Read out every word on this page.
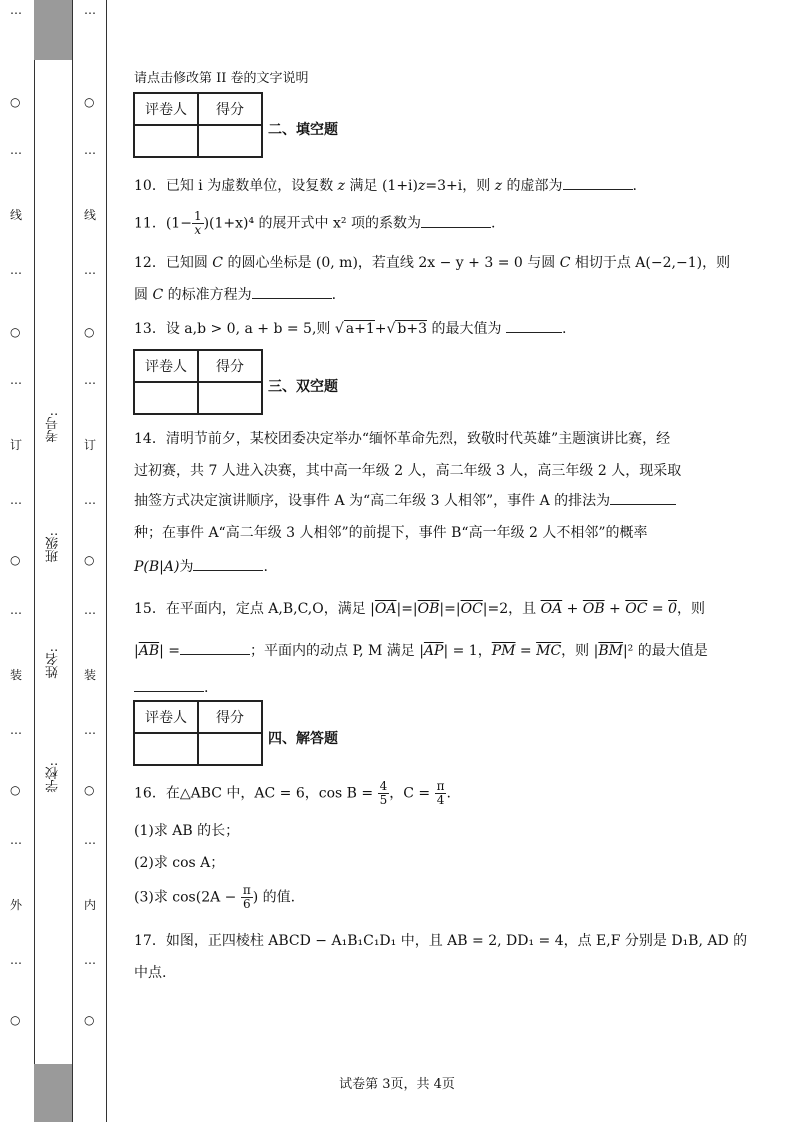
…
○
…
线
…
○
…
订
…
○
…
装
…
○
…
外
…
○
…
○
…
线
…
○
…
订
…
○
…
装
…
○
…
内
…
○
考号:
班级:
姓名:
学校:
请点击修改第 II 卷的文字说明
评卷人	得分

二、填空题
10．已知 i 为虚数单位，设复数 z 满足 (1+i)z=3+i，则 z 的虚部为	.
11．$(1- \frac{1}{x} )(1+x)^4$ 的展开式中 x² 项的系数为	.
12．已知圆 C 的圆心坐标是 (0, m)，若直线 2x − y + 3 = 0 与圆 C 相切于点 A(−2,−1)，则
圆 C 的标准方程为	.
13．设 a,b > 0, a + b = 5,则 √ a+1+√ b+3 的最大值为	.
评卷人	得分

三、双空题
14．清明节前夕，某校团委决定举办“缅怀革命先烈，致敬时代英雄”主题演讲比赛，经
过初赛，共 7 人进入决赛，其中高一年级 2 人，高二年级 3 人，高三年级 2 人，现采取
抽签方式决定演讲顺序，设事件 A 为“高二年级 3 人相邻”，事件 A 的排法为
种；在事件 A“高二年级 3 人相邻”的前提下，事件 B“高一年级 2 人不相邻”的概率
P(B|A)为	.
15．在平面内，定点 A,B,C,O，满足 $|\overline{OA}|=|\overline{OB}|=|\overline{OC}|=2$，且 $\overline{OA} + \overline{OB} + \overline{OC} = 0$，则
$|\overline{AB}|$ =	；平面内的动点 P, M 满足 $|\overline{AP}| = 1$，$\overline{PM} = \overline{MC}$，则 $|\overline{BM}|^2$ 的最大值是
.
评卷人	得分

四、解答题
16．在△ABC 中，AC = 6，$\cos B = \frac{4}{5}$ ，$C = \frac{\pi}{4}$ .
(1)求 AB 的长；
(2)求 cos A；
(3)求 $\cos(2A - \frac{\pi}{6}$ ) 的值.
17．如图，正四棱柱 ABCD − A₁B₁C₁D₁ 中，且 AB = 2, DD₁ = 4，点 E,F 分别是 D₁B, AD 的
中点.
试卷第 3页，共 4页
